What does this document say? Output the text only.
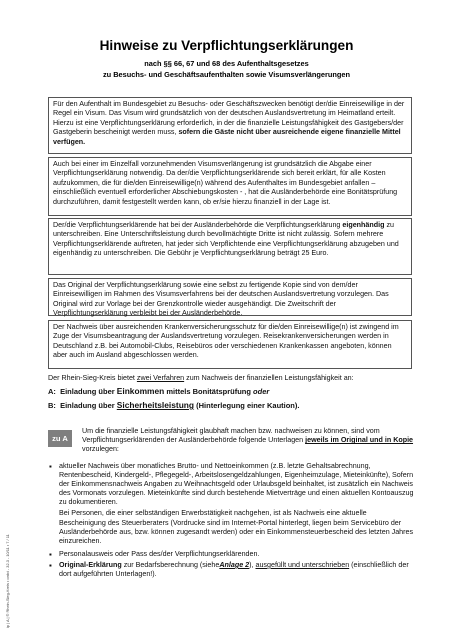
Hinweise zu Verpflichtungserklärungen
nach §§ 66, 67 und 68 des Aufenthaltsgesetzes
zu Besuchs- und Geschäftsaufenthalten sowie Visumsverlängerungen

Für den Aufenthalt im Bundesgebiet zu Besuchs- oder Geschäftszwecken benötigt der/die Einreisewillige in der Regel ein Visum. Das Visum wird grundsätzlich von der deutschen Auslandsvertretung im Heimatland erteilt. Hierzu ist eine Verpflichtungserklärung erforderlich, in der die finanzielle Leistungsfähigkeit des Gastgebers/der Gastgeberin bescheinigt werden muss, sofern die Gäste nicht über ausreichende eigene finanzielle Mittel verfügen.

Auch bei einer im Einzelfall vorzunehmenden Visumsverlängerung ist grundsätzlich die Abgabe einer Verpflichtungserklärung notwendig. Da der/die Verpflichtungserklärende sich bereit erklärt, für alle Kosten aufzukommen, die für die/den Einreisewillige(n) während des Aufenthaltes im Bundesgebiet anfallen – einschließlich eventuell erforderlicher Abschiebungskosten - , hat die Ausländerbehörde eine Bonitätsprüfung durchzuführen, damit festgestellt werden kann, ob er/sie hierzu finanziell in der Lage ist.

Der/die Verpflichtungserklärende hat bei der Ausländerbehörde die Verpflichtungserklärung eigenhändig zu unterschreiben. Eine Unterschriftsleistung durch bevollmächtigte Dritte ist nicht zulässig. Sofern mehrere Verpflichtungserklärende auftreten, hat jeder sich Verpflichtende eine Verpflichtungserklärung abzugeben und eigenhändig zu unterschreiben. Die Gebühr je Verpflichtungserklärung beträgt 25 Euro.

Das Original der Verpflichtungserklärung sowie eine selbst zu fertigende Kopie sind von dem/der Einreisewilligen im Rahmen des Visumsverfahrens bei der deutschen Auslandsvertretung vorzulegen. Das Original wird zur Vorlage bei der Grenzkontrolle wieder ausgehändigt. Die Zweitschrift der Verpflichtungserklärung verbleibt bei der Ausländerbehörde.

Der Nachweis über ausreichenden Krankenversicherungsschutz für die/den Einreisewillige(n) ist zwingend im Zuge der Visumsbeantragung der Auslandsvertretung vorzulegen. Reisekrankenversicherungen werden in Deutschland z.B. bei Automobil-Clubs, Reisebüros oder verschiedenen Krankenkassen angeboten, können aber auch im Ausland abgeschlossen werden.

Der Rhein-Sieg-Kreis bietet zwei Verfahren zum Nachweis der finanziellen Leistungsfähigkeit an:
A: Einladung über Einkommen mittels Bonitätsprüfung oder
B: Einladung über Sicherheitsleistung (Hinterlegung einer Kaution).
zu A

Um die finanzielle Leistungsfähigkeit glaubhaft machen bzw. nachweisen zu können, sind vom Verpflichtungserklärenden der Ausländerbehörde folgende Unterlagen jeweils im Original und in Kopie vorzulegen:

▪ aktueller Nachweis über monatliches Brutto- und Nettoeinkommen (z.B. letzte Gehaltsabrechnung, Rentenbescheid, Kindergeld-, Pflegegeld-, Arbeitslosengeldzahlungen, Eigenheimzulage, Mieteinkünfte), Sofern der Einkommensnachweis Angaben zu Weihnachtsgeld oder Urlaubsgeld beinhaltet, ist zusätzlich ein Nachweis des Vormonats vorzulegen. Mieteinkünfte sind durch bestehende Mietverträge und einen aktuellen Kontoauszug zu dokumentieren.
Bei Personen, die einer selbständigen Erwerbstätigkeit nachgehen, ist als Nachweis eine aktuelle Bescheinigung des Steuerberaters (Vordrucke sind im Internet-Portal hinterlegt, liegen beim Servicebüro der Ausländerbehörde aus, bzw. können zugesandt werden) oder ein Einkommensteuerbescheid des letzten Jahres einzureichen.
▪ Personalausweis oder Pass des/der Verpflichtungserklärenden.
▪ Original-Erklärung zur Bedarfsberechnung (sieheAnlage 2), ausgefüllt und unterschrieben (einschließlich der dort aufgeführten Unterlagen!).
ip | A | ® Rhein-Sieg-Kreis • ordvi - 32.3 - 10/11 • 7 / 11
